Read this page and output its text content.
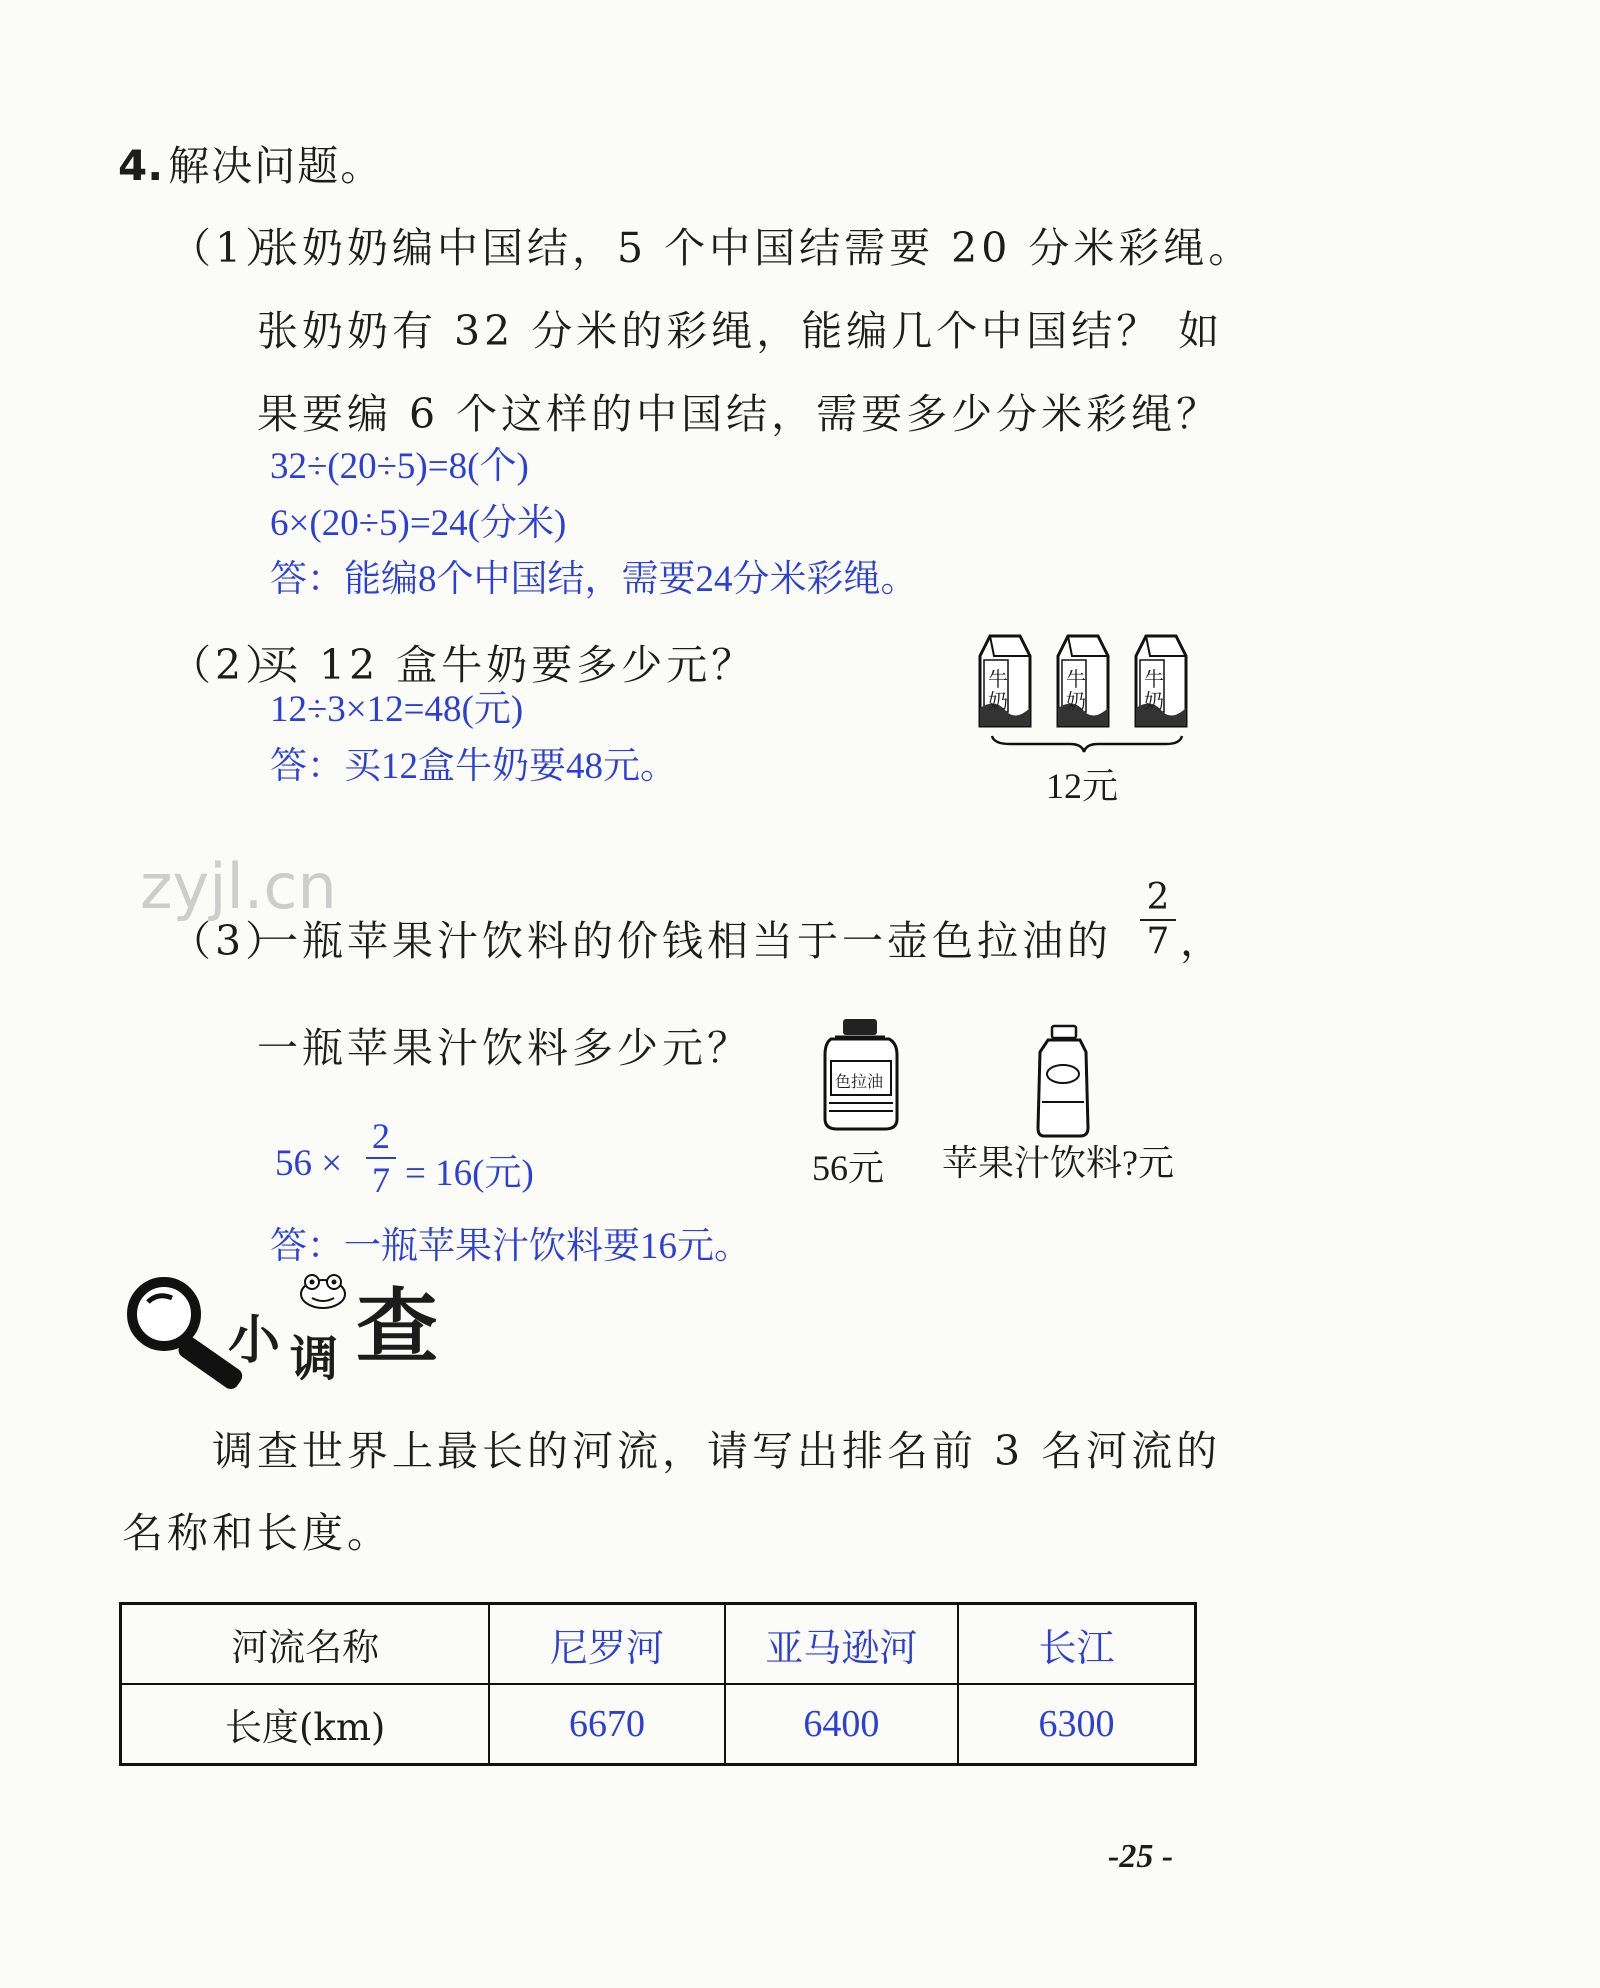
4. 解决问题。
（1）
张奶奶编中国结，5 个中国结需要 20 分米彩绳。
张奶奶有 32 分米的彩绳，能编几个中国结？ 如
果要编 6 个这样的中国结，需要多少分米彩绳？
32÷(20÷5)=8(个)
6×(20÷5)=24(分米)
答：能编8个中国结，需要24分米彩绳。
（2）
买 12 盒牛奶要多少元？
12÷3×12=48(元)
答：买12盒牛奶要48元。
牛奶
牛奶
牛奶
12元
zyjl.cn
（3）
一瓶苹果汁饮料的价钱相当于一壶色拉油的
2
7 ，
一瓶苹果汁饮料多少元？
56 ×
2
7 = 16(元)
答：一瓶苹果汁饮料要16元。
色拉油
56元 苹果汁饮料?元
小 调 查
调查世界上最长的河流，请写出排名前 3 名河流的
名称和长度。
河流名称	尼罗河	亚马逊河	长江
长度(km)	6670	6400	6300
-25 -
